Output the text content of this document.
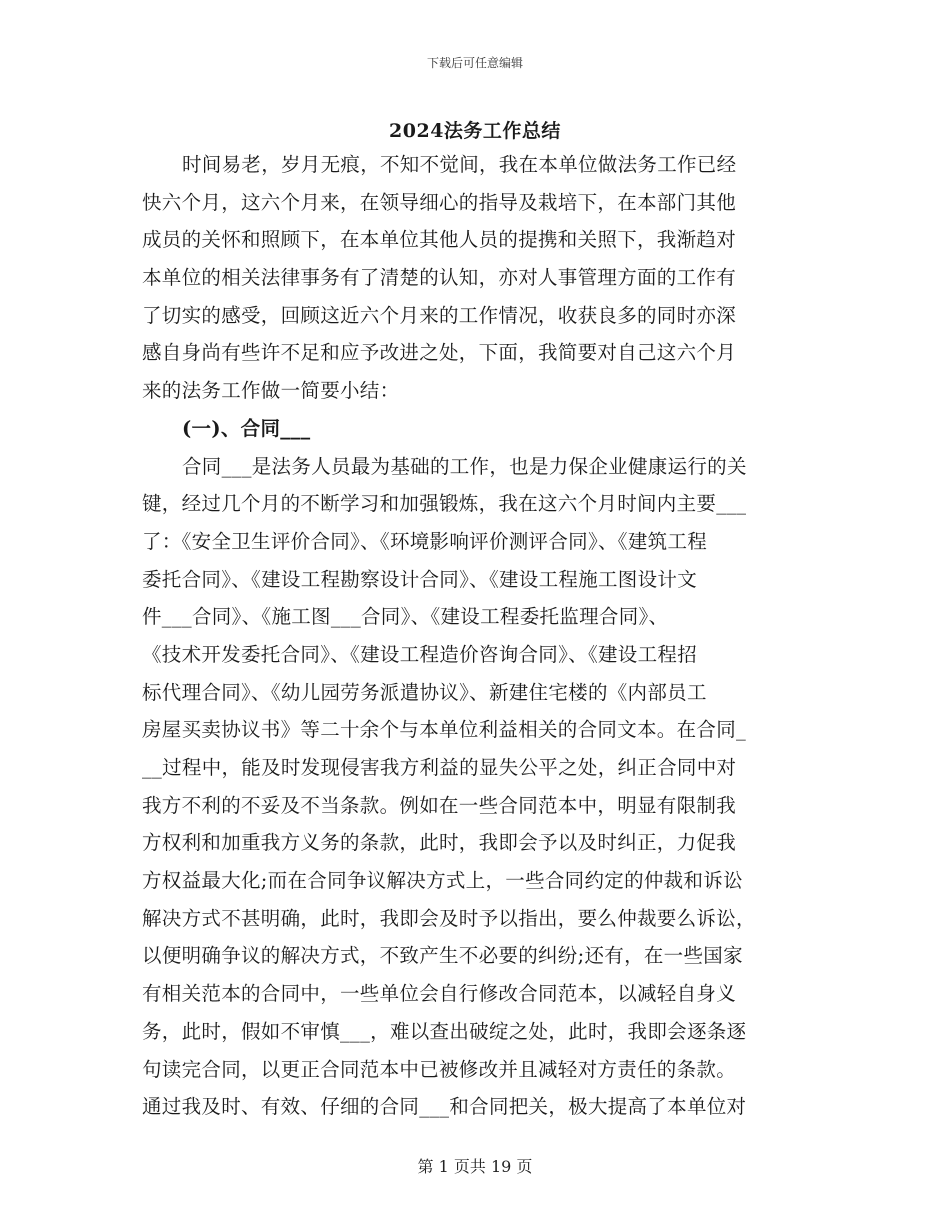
下载后可任意编辑
2024法务工作总结
时间易老，岁月无痕，不知不觉间，我在本单位做法务工作已经
快六个月，这六个月来，在领导细心的指导及栽培下，在本部门其他
成员的关怀和照顾下，在本单位其他人员的提携和关照下，我渐趋对
本单位的相关法律事务有了清楚的认知，亦对人事管理方面的工作有
了切实的感受，回顾这近六个月来的工作情况，收获良多的同时亦深
感自身尚有些许不足和应予改进之处，下面，我简要对自己这六个月
来的法务工作做一简要小结：
(一)、合同___
合同___是法务人员最为基础的工作，也是力保企业健康运行的关
键，经过几个月的不断学习和加强锻炼，我在这六个月时间内主要___
了：《安全卫生评价合同》、《环境影响评价测评合同》、《建筑工程
委托合同》、《建设工程勘察设计合同》、《建设工程施工图设计文
件___合同》、《施工图___合同》、《建设工程委托监理合同》、
《技术开发委托合同》、《建设工程造价咨询合同》、《建设工程招
标代理合同》、《幼儿园劳务派遣协议》、新建住宅楼的《内部员工
房屋买卖协议书》等二十余个与本单位利益相关的合同文本。在合同_
__过程中，能及时发现侵害我方利益的显失公平之处，纠正合同中对
我方不利的不妥及不当条款。例如在一些合同范本中，明显有限制我
方权利和加重我方义务的条款，此时，我即会予以及时纠正，力促我
方权益最大化;而在合同争议解决方式上，一些合同约定的仲裁和诉讼
解决方式不甚明确，此时，我即会及时予以指出，要么仲裁要么诉讼，
以便明确争议的解决方式，不致产生不必要的纠纷;还有，在一些国家
有相关范本的合同中，一些单位会自行修改合同范本，以减轻自身义
务，此时，假如不审慎___，难以查出破绽之处，此时，我即会逐条逐
句读完合同，以更正合同范本中已被修改并且减轻对方责任的条款。
通过我及时、有效、仔细的合同___和合同把关，极大提高了本单位对
第 1 页共 19 页
